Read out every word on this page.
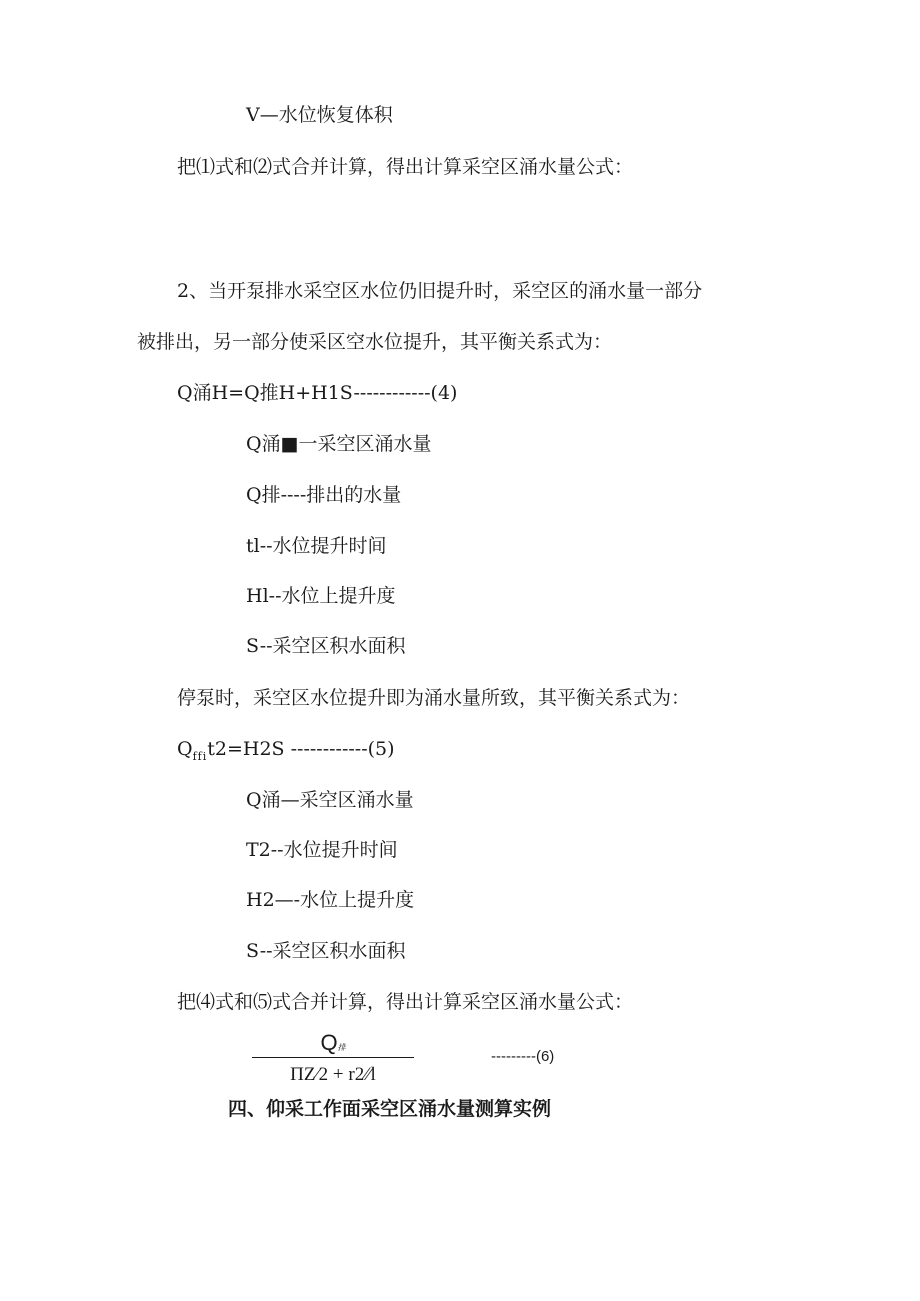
V—水位恢复体积
把⑴式和⑵式合并计算，得出计算采空区涌水量公式：
2、当开泵排水采空区水位仍旧提升时，采空区的涌水量一部分
被排出，另一部分使采区空水位提升，其平衡关系式为：
Q涌H=Q推H+H1S------------(4)
Q涌■一采空区涌水量
Q排----排出的水量
tl--水位提升时间
Hl--水位上提升度
S--采空区积水面积
停泵时，采空区水位提升即为涌水量所致，其平衡关系式为：
$Q_{ffi}t2=H2S$ ------------(5)
Q涌—采空区涌水量
T2--水位提升时间
H2—-水位上提升度
S--采空区积水面积
把⑷式和⑸式合并计算，得出计算采空区涌水量公式：
Q排
ΠZ⁄2 + r2⁄⁄l
---------(6)
四、仰采工作面采空区涌水量测算实例
